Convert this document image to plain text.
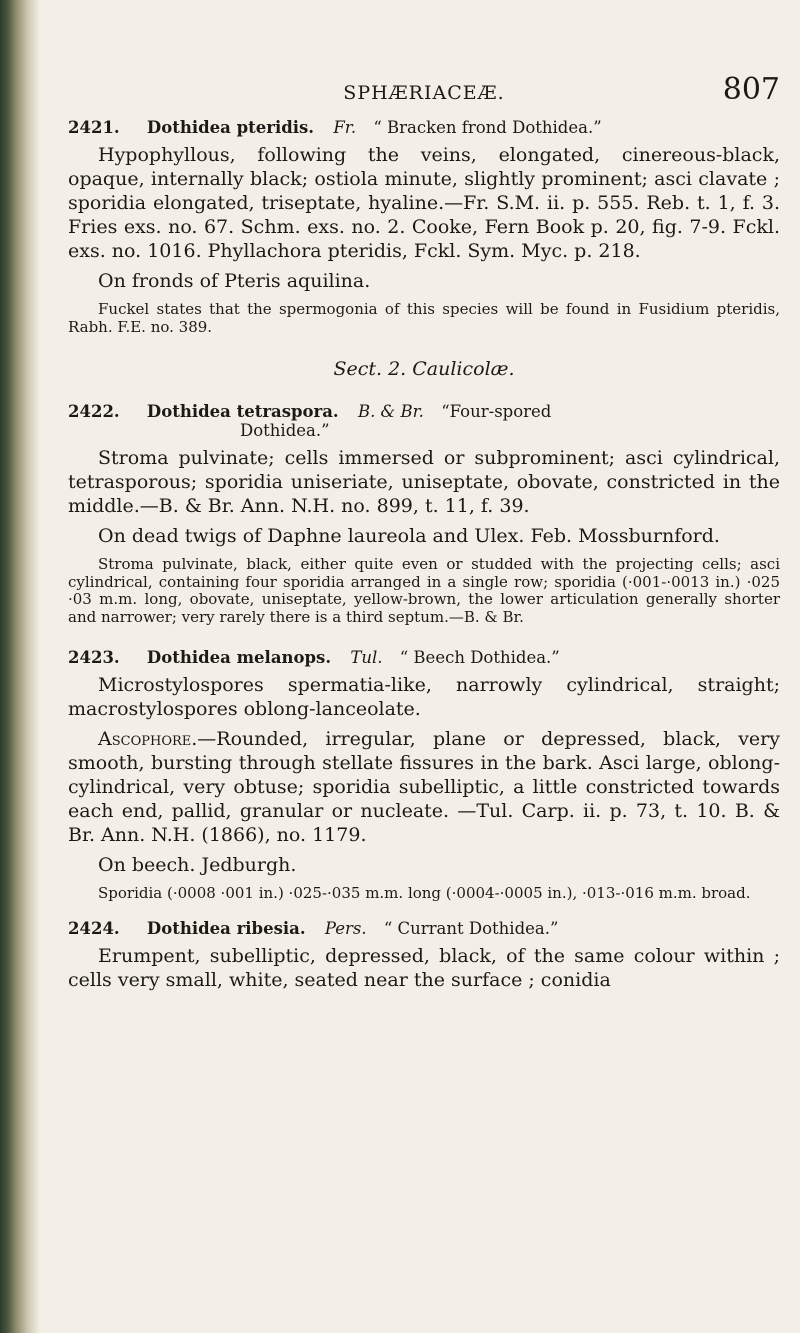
SPHÆRIACEÆ.	807

2421. Dothidea pteridis. Fr. “ Bracken frond Dothidea.”

Hypophyllous, following the veins, elongated, cinereous-black, opaque, internally black; ostiola minute, slightly prominent; asci clavate ; sporidia elongated, triseptate, hyaline.—Fr. S.M. ii. p. 555. Reb. t. 1, f. 3. Fries exs. no. 67. Schm. exs. no. 2. Cooke, Fern Book p. 20, fig. 7-9. Fckl. exs. no. 1016. Phyllachora pteridis, Fckl. Sym. Myc. p. 218.

On fronds of Pteris aquilina.

Fuckel states that the spermogonia of this species will be found in Fusidium pteridis, Rabh. F.E. no. 389.

Sect. 2. Caulicolæ.

2422. Dothidea tetraspora. B. & Br. “Four-spored
Dothidea.”

Stroma pulvinate; cells immersed or subprominent; asci cylindrical, tetrasporous; sporidia uniseriate, uniseptate, obovate, constricted in the middle.—B. & Br. Ann. N.H. no. 899, t. 11, f. 39.

On dead twigs of Daphne laureola and Ulex. Feb. Mossburnford.

Stroma pulvinate, black, either quite even or studded with the projecting cells; asci cylindrical, containing four sporidia arranged in a single row; sporidia (·001-·0013 in.) ·025 ·03 m.m. long, obovate, uniseptate, yellow-brown, the lower articulation generally shorter and narrower; very rarely there is a third septum.—B. & Br.

2423. Dothidea melanops. Tul. “ Beech Dothidea.”

Microstylospores spermatia-like, narrowly cylindrical, straight; macrostylospores oblong-lanceolate.

Ascophore.—Rounded, irregular, plane or depressed, black, very smooth, bursting through stellate fissures in the bark. Asci large, oblong-cylindrical, very obtuse; sporidia subelliptic, a little constricted towards each end, pallid, granular or nucleate. —Tul. Carp. ii. p. 73, t. 10. B. & Br. Ann. N.H. (1866), no. 1179.

On beech. Jedburgh.

Sporidia (·0008 ·001 in.) ·025-·035 m.m. long (·0004-·0005 in.), ·013-·016 m.m. broad.

2424. Dothidea ribesia. Pers. “ Currant Dothidea.”

Erumpent, subelliptic, depressed, black, of the same colour within ; cells very small, white, seated near the surface ; conidia
